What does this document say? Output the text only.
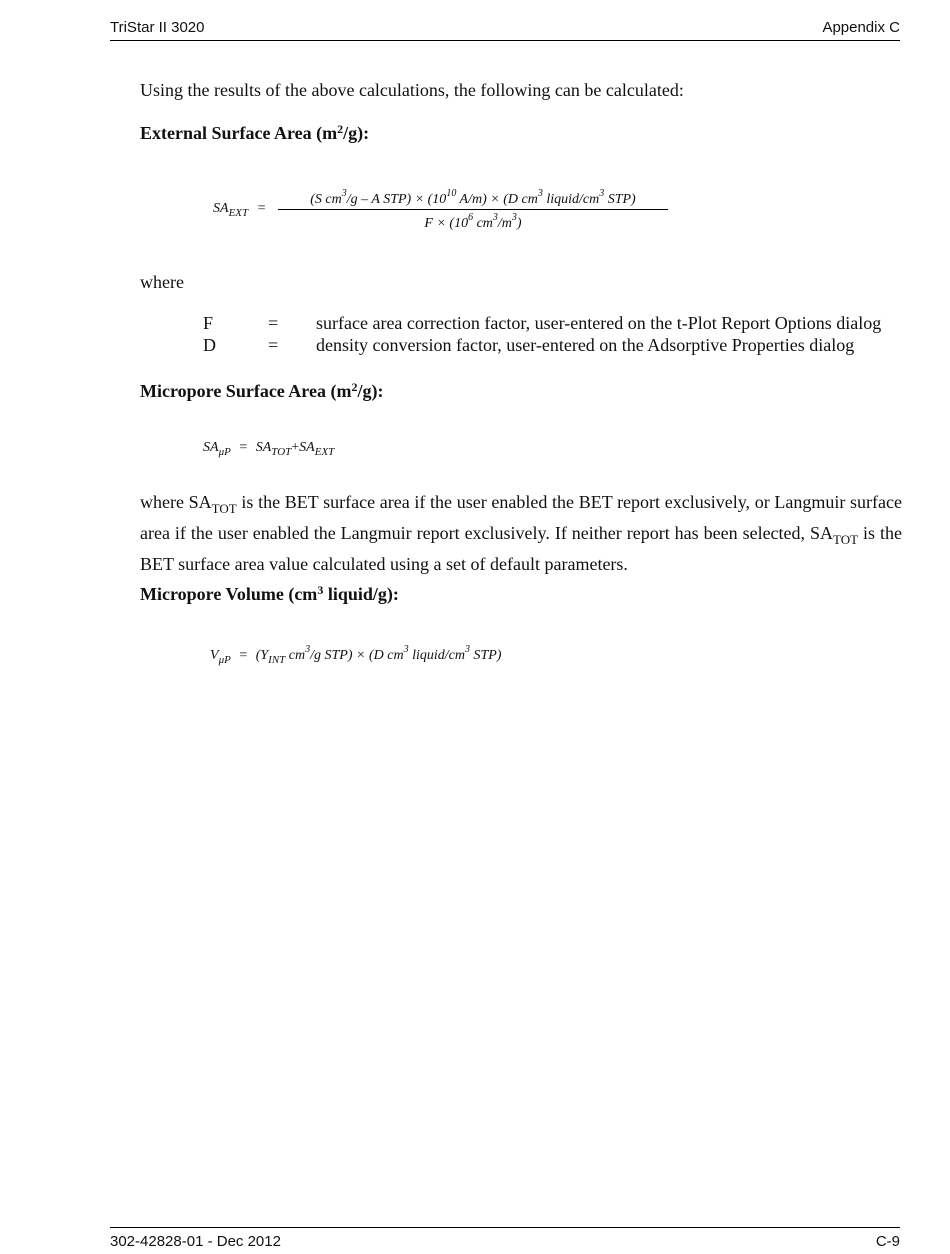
TriStar II 3020	Appendix C
Using the results of the above calculations, the following can be calculated:
External Surface Area $(m^2/g)$:
$SA_{EXT}$ =
(S $cm^3/g$ – A $STP) \times (10^{10}$ A/m) × (D $cm^3$ liquid/$cm^3$ STP)
$F \times (10^6$ $cm^3/m^3$)
where
F	= surface area correction factor, user-entered on the t-Plot Report Options dialog
D	= density conversion factor, user-entered on the Adsorptive Properties dialog
Micropore Surface Area $(m^2/g)$:
$SA_{\mu P} = SA_{TOT}+SA_{EXT}$
where $SA_{TOT}$ is the BET surface area if the user enabled the BET report exclusively, or Langmuir surface area if the user enabled the Langmuir report exclusively. If neither report has been selected, $SA_{TOT}$ is the BET surface area value calculated using a set of default parameters.
Micropore Volume ($cm^3$ liquid/g):
$V_{\mu P} = (Y_{INT}$ $cm^3/g$ STP) × (D $cm^3$ liquid/$cm^3$ STP)
302-42828-01 - Dec 2012	C-9
